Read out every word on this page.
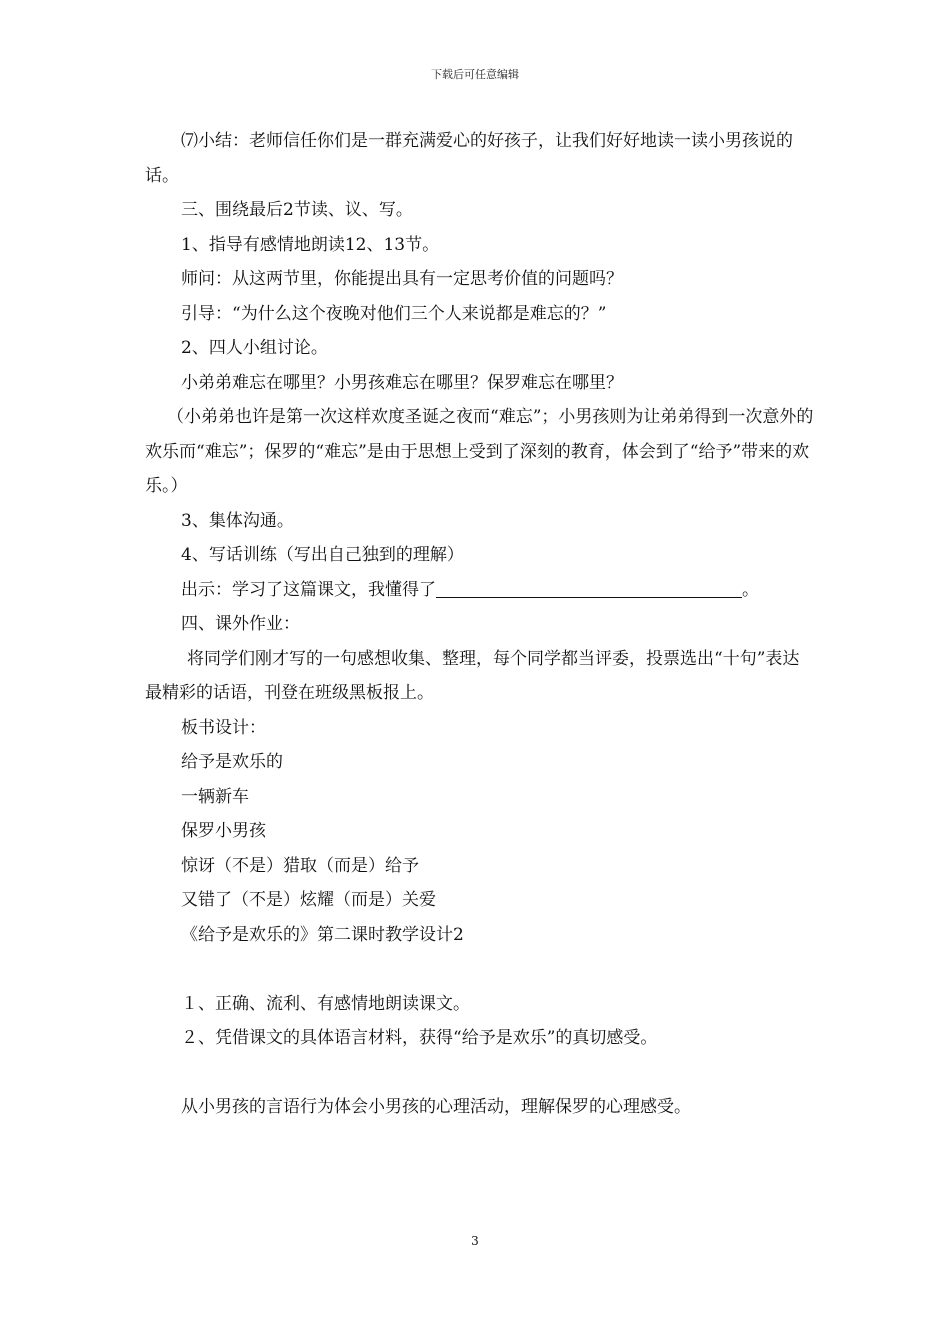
下载后可任意编辑

⑺小结：老师信任你们是一群充满爱心的好孩子，让我们好好地读一读小男孩说的话。

三、围绕最后2节读、议、写。

1、指导有感情地朗读12、13节。

师问：从这两节里，你能提出具有一定思考价值的问题吗？

引导：“为什么这个夜晚对他们三个人来说都是难忘的？”

2、四人小组讨论。

小弟弟难忘在哪里？小男孩难忘在哪里？保罗难忘在哪里？

（小弟弟也许是第一次这样欢度圣诞之夜而“难忘”；小男孩则为让弟弟得到一次意外的欢乐而“难忘”；保罗的“难忘”是由于思想上受到了深刻的教育，体会到了“给予”带来的欢乐。）

3、集体沟通。

4、写话训练（写出自己独到的理解）

出示：学习了这篇课文，我懂得了	。

四、课外作业：

将同学们刚才写的一句感想收集、整理，每个同学都当评委，投票选出“十句”表达最精彩的话语，刊登在班级黑板报上。

板书设计：

给予是欢乐的

一辆新车

保罗小男孩

惊讶（不是）猎取（而是）给予

又错了（不是）炫耀（而是）关爱

《给予是欢乐的》第二课时教学设计2

１、正确、流利、有感情地朗读课文。

２、凭借课文的具体语言材料，获得“给予是欢乐”的真切感受。

从小男孩的言语行为体会小男孩的心理活动，理解保罗的心理感受。

3
